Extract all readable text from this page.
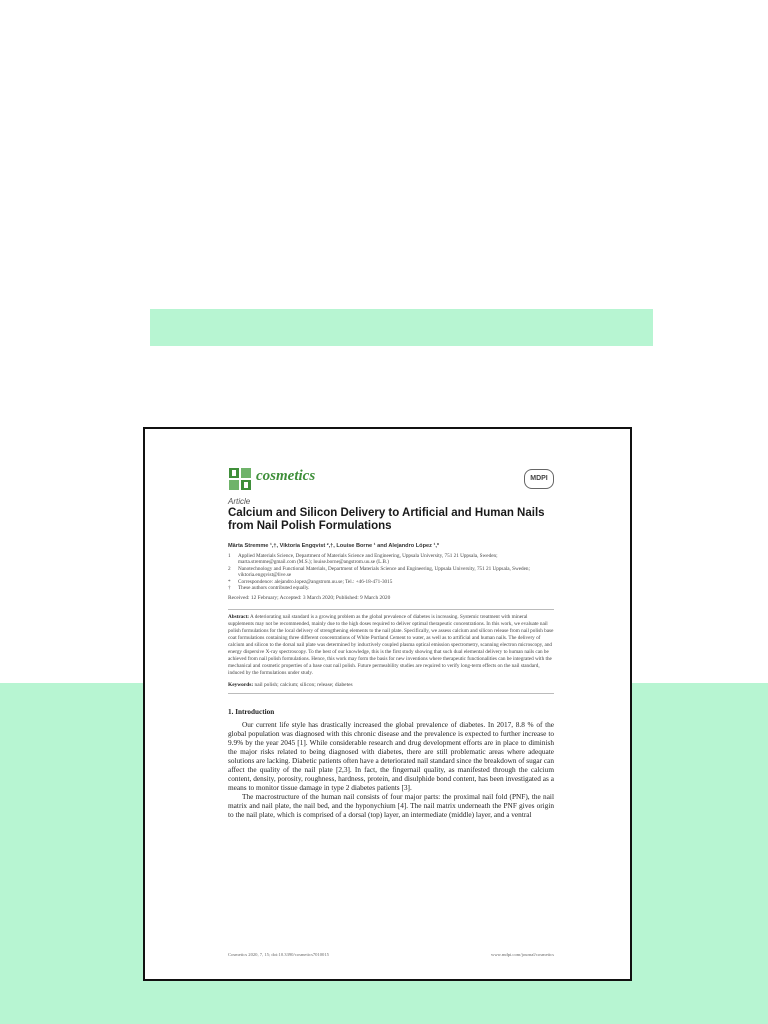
cosmetics	MDPI
Article
Calcium and Silicon Delivery to Artificial and Human Nails from Nail Polish Formulations
Märta Stremme ¹,†, Viktoria Engqvist ²,†, Louise Borne ¹ and Alejandro López ¹,*
1	Applied Materials Science, Department of Materials Science and Engineering, Uppsala University, 751 21 Uppsala, Sweden; marta.stremme@gmail.com (M.S.); louise.borne@angstrom.uu.se (L.B.)
2	Nanotechnology and Functional Materials, Department of Materials Science and Engineering, Uppsala University, 751 21 Uppsala, Sweden; viktoria.engqvist@live.se
*	Correspondence: alejandro.lopez@angstrom.uu.se; Tel.: +46-18-471-3015
†	These authors contributed equally.
Received: 12 February; Accepted: 3 March 2020; Published: 9 March 2020
Abstract: A deteriorating nail standard is a growing problem as the global prevalence of diabetes is increasing. Systemic treatment with mineral supplements may not be recommended, mainly due to the high doses required to deliver optimal therapeutic concentrations. In this work, we evaluate nail polish formulations for the local delivery of strengthening elements to the nail plate. Specifically, we assess calcium and silicon release from nail polish base coat formulations containing three different concentrations of White Portland Cement to water, as well as to artificial and human nails. The delivery of calcium and silicon to the dorsal nail plate was determined by inductively coupled plasma optical emission spectrometry, scanning electron microscopy, and energy dispersive X-ray spectroscopy. To the best of our knowledge, this is the first study showing that such dual elemental delivery to human nails can be achieved from nail polish formulations. Hence, this work may form the basis for new inventions where therapeutic functionalities can be integrated with the mechanical and cosmetic properties of a base coat nail polish. Future permeability studies are required to verify long-term effects on the nail standard, induced by the formulations under study.
Keywords: nail polish; calcium; silicon; release; diabetes
1. Introduction

Our current life style has drastically increased the global prevalence of diabetes. In 2017, 8.8 % of the global population was diagnosed with this chronic disease and the prevalence is expected to further increase to 9.9% by the year 2045 [1]. While considerable research and drug development efforts are in place to diminish the major risks related to being diagnosed with diabetes, there are still problematic areas where adequate solutions are lacking. Diabetic patients often have a deteriorated nail standard since the breakdown of sugar can affect the quality of the nail plate [2,3]. In fact, the fingernail quality, as manifested through the calcium content, density, porosity, roughness, hardness, protein, and disulphide bond content, has been investigated as a means to monitor tissue damage in type 2 diabetes patients [3].

The macrostructure of the human nail consists of four major parts: the proximal nail fold (PNF), the nail matrix and nail plate, the nail bed, and the hyponychium [4]. The nail matrix underneath the PNF gives origin to the nail plate, which is comprised of a dorsal (top) layer, an intermediate (middle) layer, and a ventral

Cosmetics 2020, 7, 15; doi:10.3390/cosmetics7010015	www.mdpi.com/journal/cosmetics
